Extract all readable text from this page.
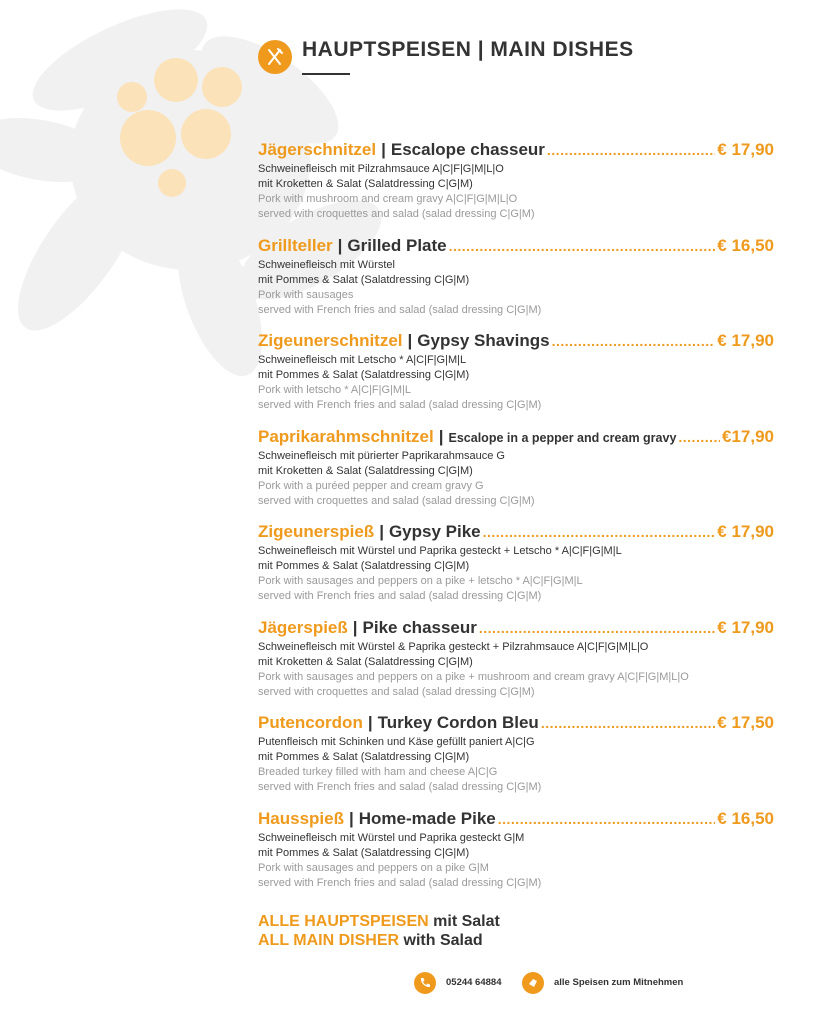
HAUPTSPEISEN | MAIN DISHES
Jägerschnitzel | Escalope chasseur .....	€ 17,90
Schweinefleisch mit Pilzrahmsauce A|C|F|G|M|L|O
mit Kroketten & Salat (Salatdressing C|G|M)
Pork with mushroom and cream gravy A|C|F|G|M|L|O
served with croquettes and salad (salad dressing C|G|M)
Grillteller | Grilled Plate .....	€ 16,50
Schweinefleisch mit Würstel
mit Pommes & Salat (Salatdressing C|G|M)
Pork with sausages
served with French fries and salad (salad dressing C|G|M)
Zigeunerschnitzel | Gypsy Shavings .....	€ 17,90
Schweinefleisch mit Letscho * A|C|F|G|M|L
mit Pommes & Salat (Salatdressing C|G|M)
Pork with letscho * A|C|F|G|M|L
served with French fries and salad (salad dressing C|G|M)
Paprikarahmschnitzel | Escalope in a pepper and cream gravy .....	€17,90
Schweinefleisch mit pürierter Paprikarahmsauce G
mit Kroketten & Salat (Salatdressing C|G|M)
Pork with a puréed pepper and cream gravy G
served with croquettes and salad (salad dressing C|G|M)
Zigeunerspieß | Gypsy Pike .....	€ 17,90
Schweinefleisch mit Würstel und Paprika gesteckt + Letscho * A|C|F|G|M|L
mit Pommes & Salat (Salatdressing C|G|M)
Pork with sausages and peppers on a pike + letscho * A|C|F|G|M|L
served with French fries and salad (salad dressing C|G|M)
Jägerspieß | Pike chasseur .....	€ 17,90
Schweinefleisch mit Würstel & Paprika gesteckt + Pilzrahmsauce A|C|F|G|M|L|O
mit Kroketten & Salat (Salatdressing C|G|M)
Pork with sausages and peppers on a pike + mushroom and cream gravy A|C|F|G|M|L|O
served with croquettes and salad (salad dressing C|G|M)
Putencordon | Turkey Cordon Bleu .....	€ 17,50
Putenfleisch mit Schinken und Käse gefüllt paniert A|C|G
mit Pommes & Salat (Salatdressing C|G|M)
Breaded turkey filled with ham and cheese A|C|G
served with French fries and salad (salad dressing C|G|M)
Hausspieß | Home-made Pike .....	€ 16,50
Schweinefleisch mit Würstel und Paprika gesteckt G|M
mit Pommes & Salat (Salatdressing C|G|M)
Pork with sausages and peppers on a pike G|M
served with French fries and salad (salad dressing C|G|M)
ALLE HAUPTSPEISEN mit Salat
ALL MAIN DISHER with Salad
05244 64884	alle Speisen zum Mitnehmen
